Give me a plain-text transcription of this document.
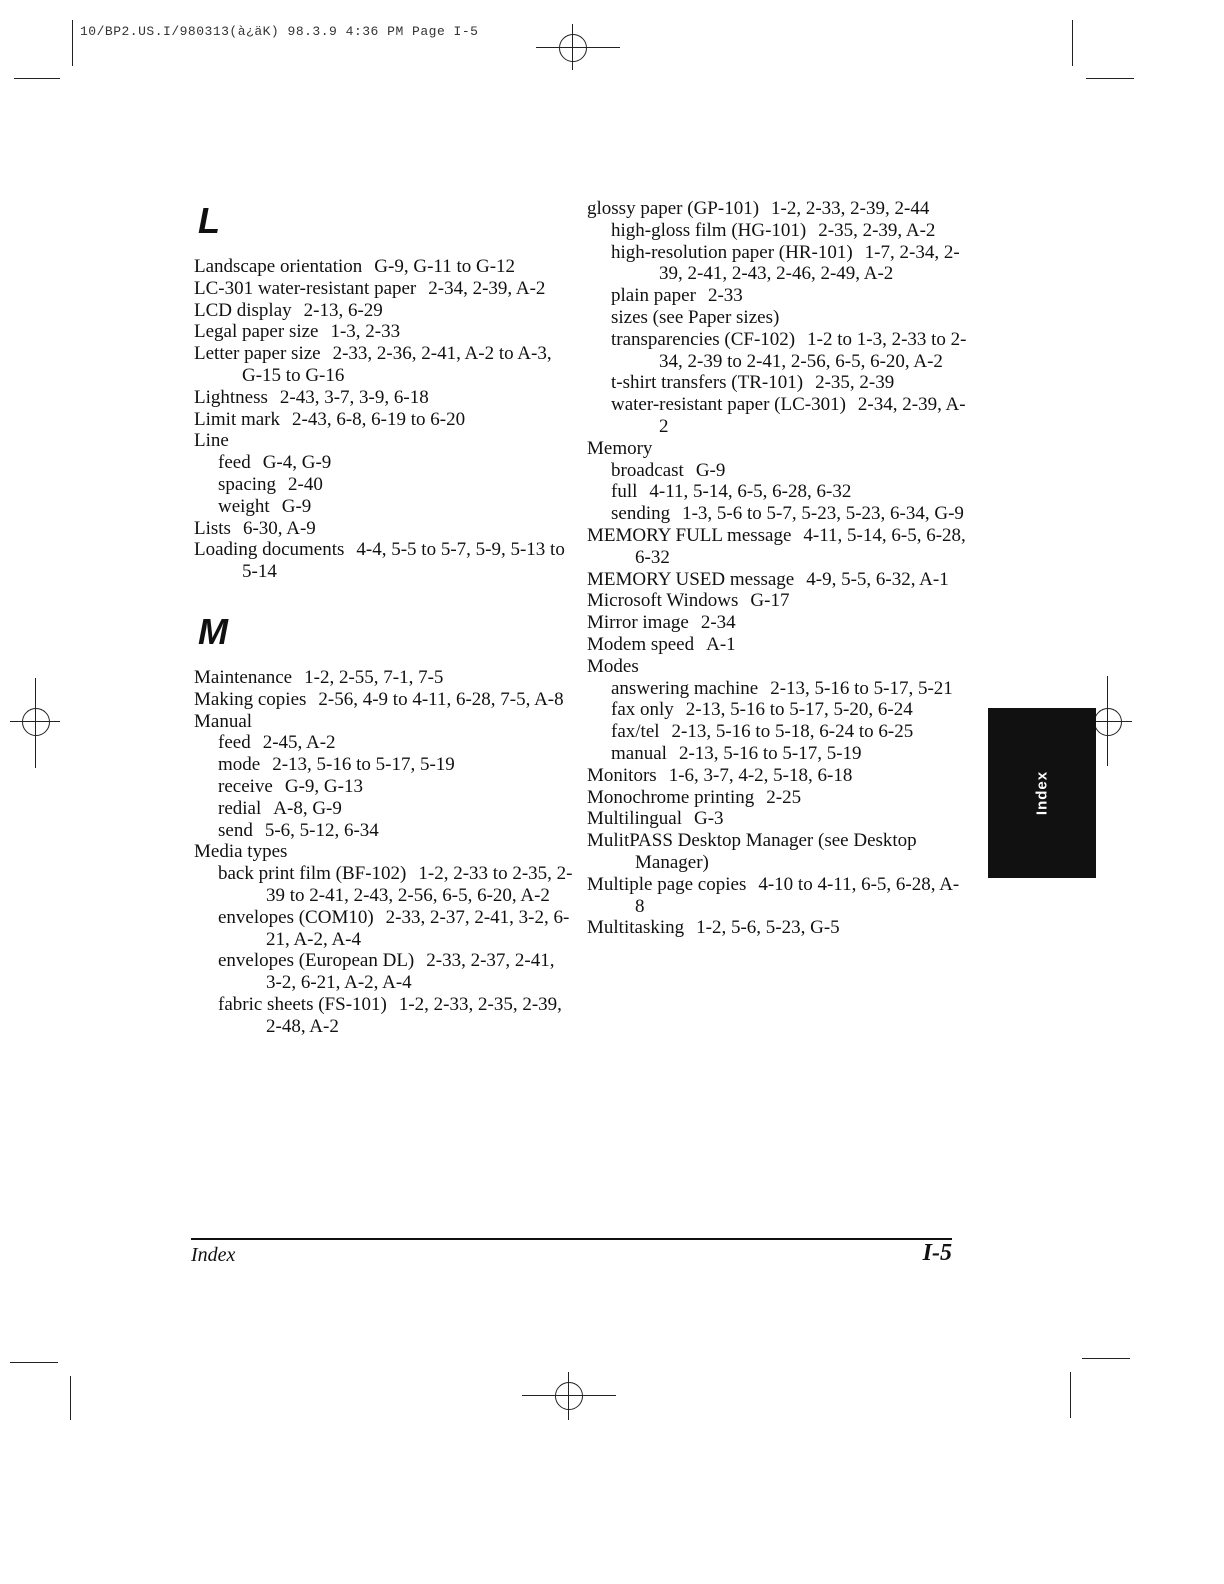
10/BP2.US.I/980313(à¿äK) 98.3.9 4:36 PM Page I-5
L
Landscape orientation G-9, G-11 to G-12
LC-301 water-resistant paper 2-34, 2-39, A-2
LCD display 2-13, 6-29
Legal paper size 1-3, 2-33
Letter paper size 2-33, 2-36, 2-41, A-2 to A-3, G-15 to G-16
Lightness 2-43, 3-7, 3-9, 6-18
Limit mark 2-43, 6-8, 6-19 to 6-20
Line
feed G-4, G-9
spacing 2-40
weight G-9
Lists 6-30, A-9
Loading documents 4-4, 5-5 to 5-7, 5-9, 5-13 to 5-14
M
Maintenance 1-2, 2-55, 7-1, 7-5
Making copies 2-56, 4-9 to 4-11, 6-28, 7-5, A-8
Manual
feed 2-45, A-2
mode 2-13, 5-16 to 5-17, 5-19
receive G-9, G-13
redial A-8, G-9
send 5-6, 5-12, 6-34
Media types
back print film (BF-102) 1-2, 2-33 to 2-35, 2-39 to 2-41, 2-43, 2-56, 6-5, 6-20, A-2
envelopes (COM10) 2-33, 2-37, 2-41, 3-2, 6-21, A-2, A-4
envelopes (European DL) 2-33, 2-37, 2-41, 3-2, 6-21, A-2, A-4
fabric sheets (FS-101) 1-2, 2-33, 2-35, 2-39, 2-48, A-2
glossy paper (GP-101) 1-2, 2-33, 2-39, 2-44
high-gloss film (HG-101) 2-35, 2-39, A-2
high-resolution paper (HR-101) 1-7, 2-34, 2-39, 2-41, 2-43, 2-46, 2-49, A-2
plain paper 2-33
sizes (see Paper sizes)
transparencies (CF-102) 1-2 to 1-3, 2-33 to 2-34, 2-39 to 2-41, 2-56, 6-5, 6-20, A-2
t-shirt transfers (TR-101) 2-35, 2-39
water-resistant paper (LC-301) 2-34, 2-39, A-2
Memory
broadcast G-9
full 4-11, 5-14, 6-5, 6-28, 6-32
sending 1-3, 5-6 to 5-7, 5-23, 5-23, 6-34, G-9
MEMORY FULL message 4-11, 5-14, 6-5, 6-28, 6-32
MEMORY USED message 4-9, 5-5, 6-32, A-1
Microsoft Windows G-17
Mirror image 2-34
Modem speed A-1
Modes
answering machine 2-13, 5-16 to 5-17, 5-21
fax only 2-13, 5-16 to 5-17, 5-20, 6-24
fax/tel 2-13, 5-16 to 5-18, 6-24 to 6-25
manual 2-13, 5-16 to 5-17, 5-19
Monitors 1-6, 3-7, 4-2, 5-18, 6-18
Monochrome printing 2-25
Multilingual G-3
MulitPASS Desktop Manager (see Desktop Manager)
Multiple page copies 4-10 to 4-11, 6-5, 6-28, A-8
Multitasking 1-2, 5-6, 5-23, G-5
Index
Index	I-5
